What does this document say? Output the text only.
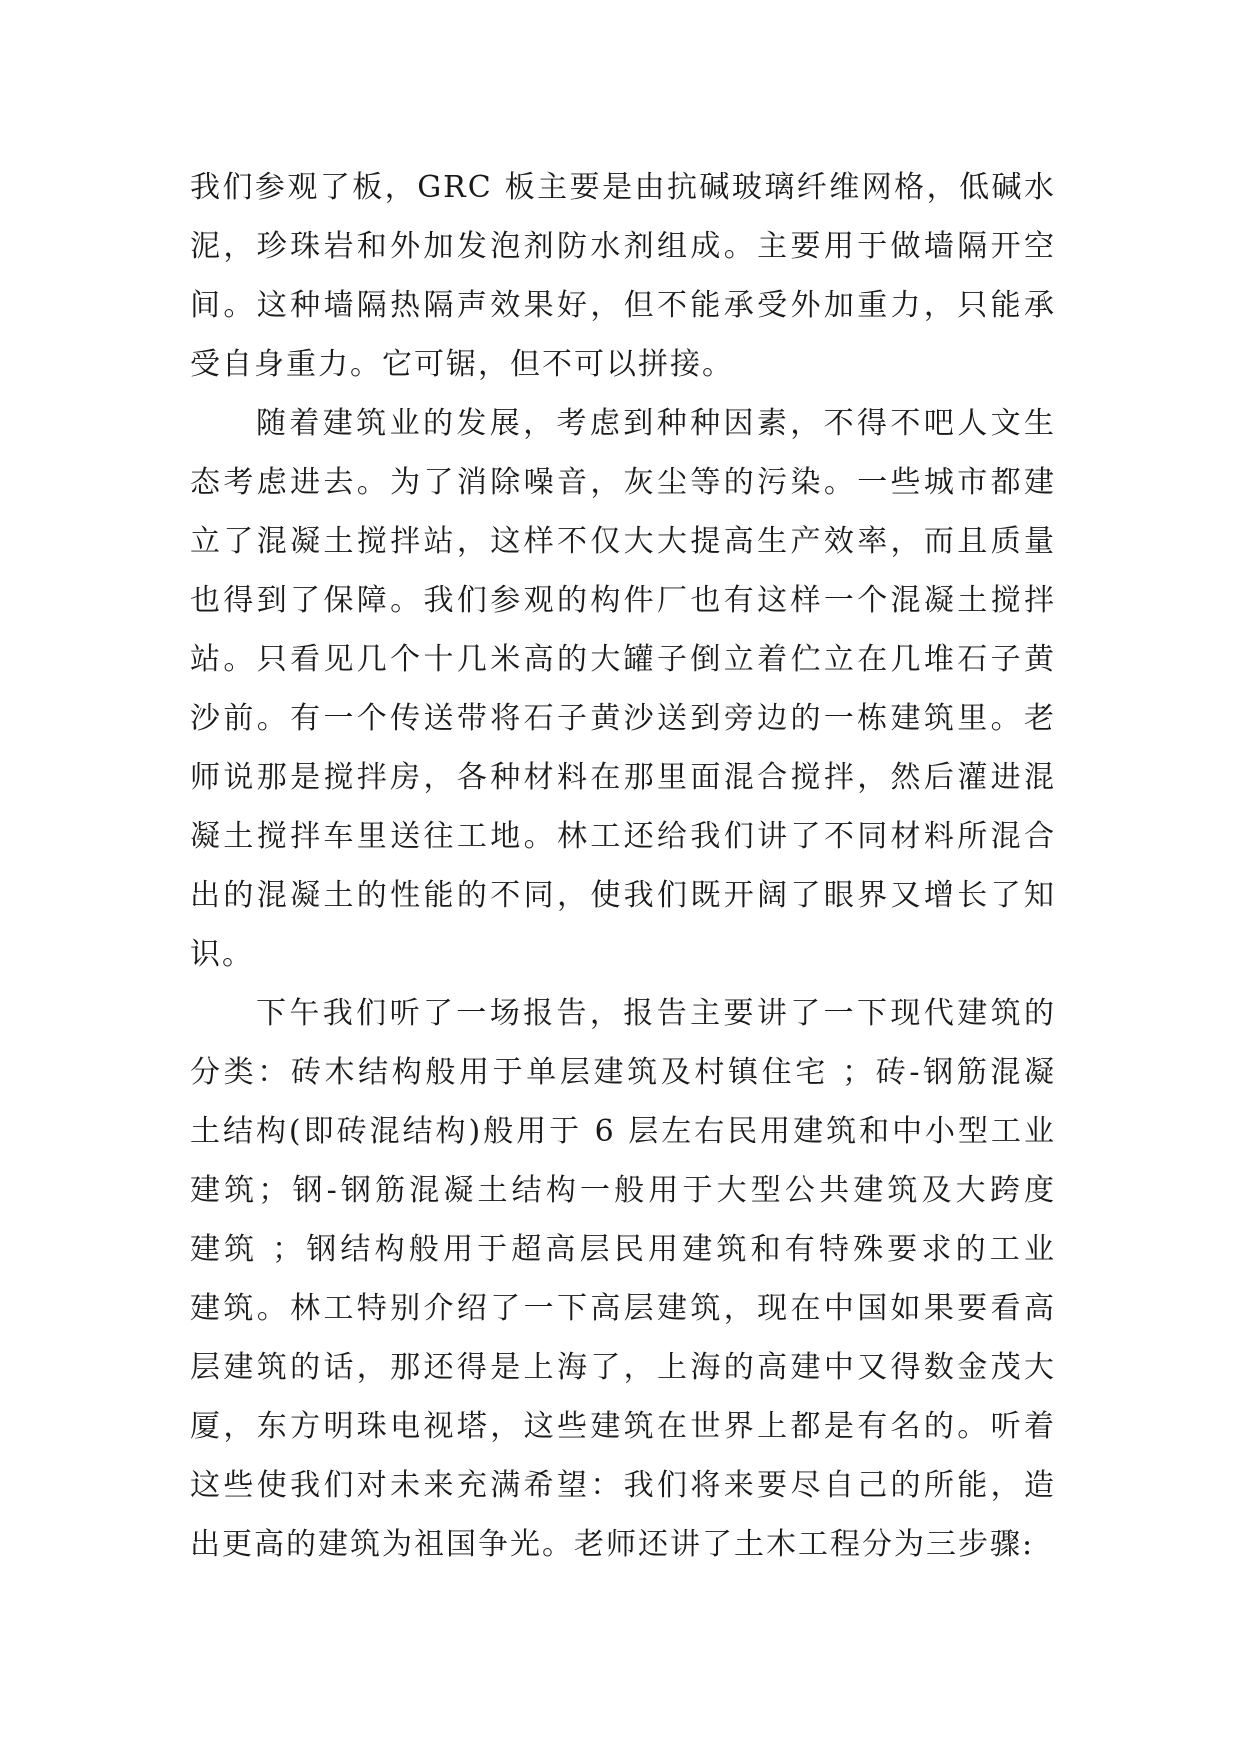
我们参观了板，GRC 板主要是由抗碱玻璃纤维网格，低碱水
泥，珍珠岩和外加发泡剂防水剂组成。主要用于做墙隔开空
间。这种墙隔热隔声效果好，但不能承受外加重力，只能承
受自身重力。它可锯，但不可以拼接。
随着建筑业的发展，考虑到种种因素，不得不吧人文生
态考虑进去。为了消除噪音，灰尘等的污染。一些城市都建
立了混凝土搅拌站，这样不仅大大提高生产效率，而且质量
也得到了保障。我们参观的构件厂也有这样一个混凝土搅拌
站。只看见几个十几米高的大罐子倒立着伫立在几堆石子黄
沙前。有一个传送带将石子黄沙送到旁边的一栋建筑里。老
师说那是搅拌房，各种材料在那里面混合搅拌，然后灌进混
凝土搅拌车里送往工地。林工还给我们讲了不同材料所混合
出的混凝土的性能的不同，使我们既开阔了眼界又增长了知
识。
下午我们听了一场报告，报告主要讲了一下现代建筑的
分类：砖木结构般用于单层建筑及村镇住宅 ；砖-钢筋混凝
土结构(即砖混结构)般用于 6 层左右民用建筑和中小型工业
建筑；钢-钢筋混凝土结构一般用于大型公共建筑及大跨度
建筑 ；钢结构般用于超高层民用建筑和有特殊要求的工业
建筑。林工特别介绍了一下高层建筑，现在中国如果要看高
层建筑的话，那还得是上海了，上海的高建中又得数金茂大
厦，东方明珠电视塔，这些建筑在世界上都是有名的。听着
这些使我们对未来充满希望：我们将来要尽自己的所能，造
出更高的建筑为祖国争光。老师还讲了土木工程分为三步骤:
